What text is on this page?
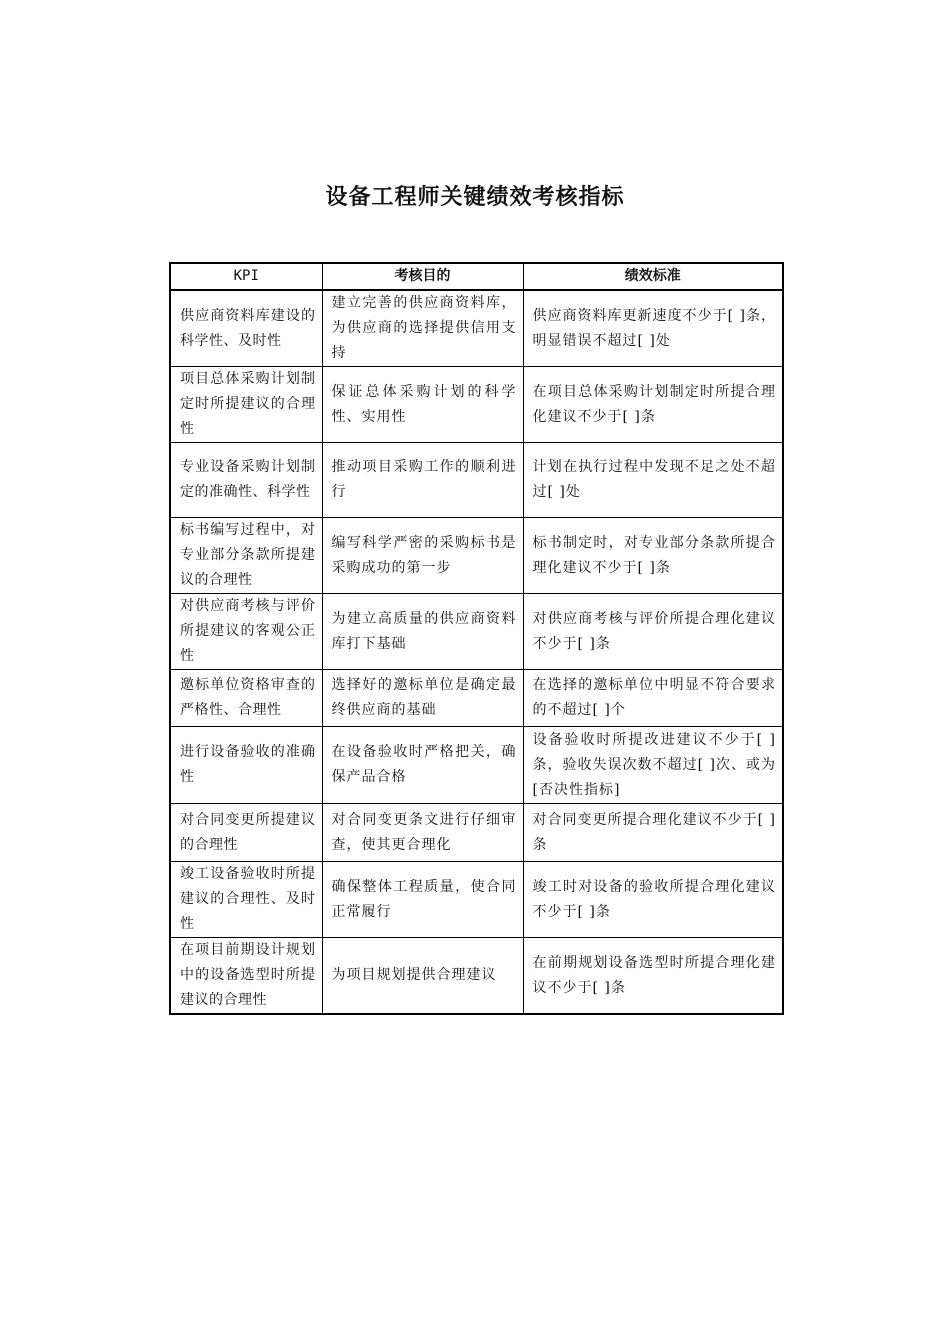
设备工程师关键绩效考核指标
KPI	考核目的	绩效标准
供应商资料库建设的科学性、及时性	建立完善的供应商资料库，为供应商的选择提供信用支持	供应商资料库更新速度不少于[ ]条，明显错误不超过[ ]处
项目总体采购计划制定时所提建议的合理性	保证总体采购计划的科学性、实用性	在项目总体采购计划制定时所提合理化建议不少于[ ]条
专业设备采购计划制定的准确性、科学性	推动项目采购工作的顺利进行	计划在执行过程中发现不足之处不超过[ ]处
标书编写过程中，对专业部分条款所提建议的合理性	编写科学严密的采购标书是采购成功的第一步	标书制定时，对专业部分条款所提合理化建议不少于[ ]条
对供应商考核与评价所提建议的客观公正性	为建立高质量的供应商资料库打下基础	对供应商考核与评价所提合理化建议不少于[ ]条
邀标单位资格审查的严格性、合理性	选择好的邀标单位是确定最终供应商的基础	在选择的邀标单位中明显不符合要求的不超过[ ]个
进行设备验收的准确性	在设备验收时严格把关，确保产品合格	设备验收时所提改进建议不少于[ ]条，验收失误次数不超过[ ]次、或为[否决性指标]
对合同变更所提建议的合理性	对合同变更条文进行仔细审查，使其更合理化	对合同变更所提合理化建议不少于[ ]条
竣工设备验收时所提建议的合理性、及时性	确保整体工程质量，使合同正常履行	竣工时对设备的验收所提合理化建议不少于[ ]条
在项目前期设计规划中的设备选型时所提建议的合理性	为项目规划提供合理建议	在前期规划设备选型时所提合理化建议不少于[ ]条
